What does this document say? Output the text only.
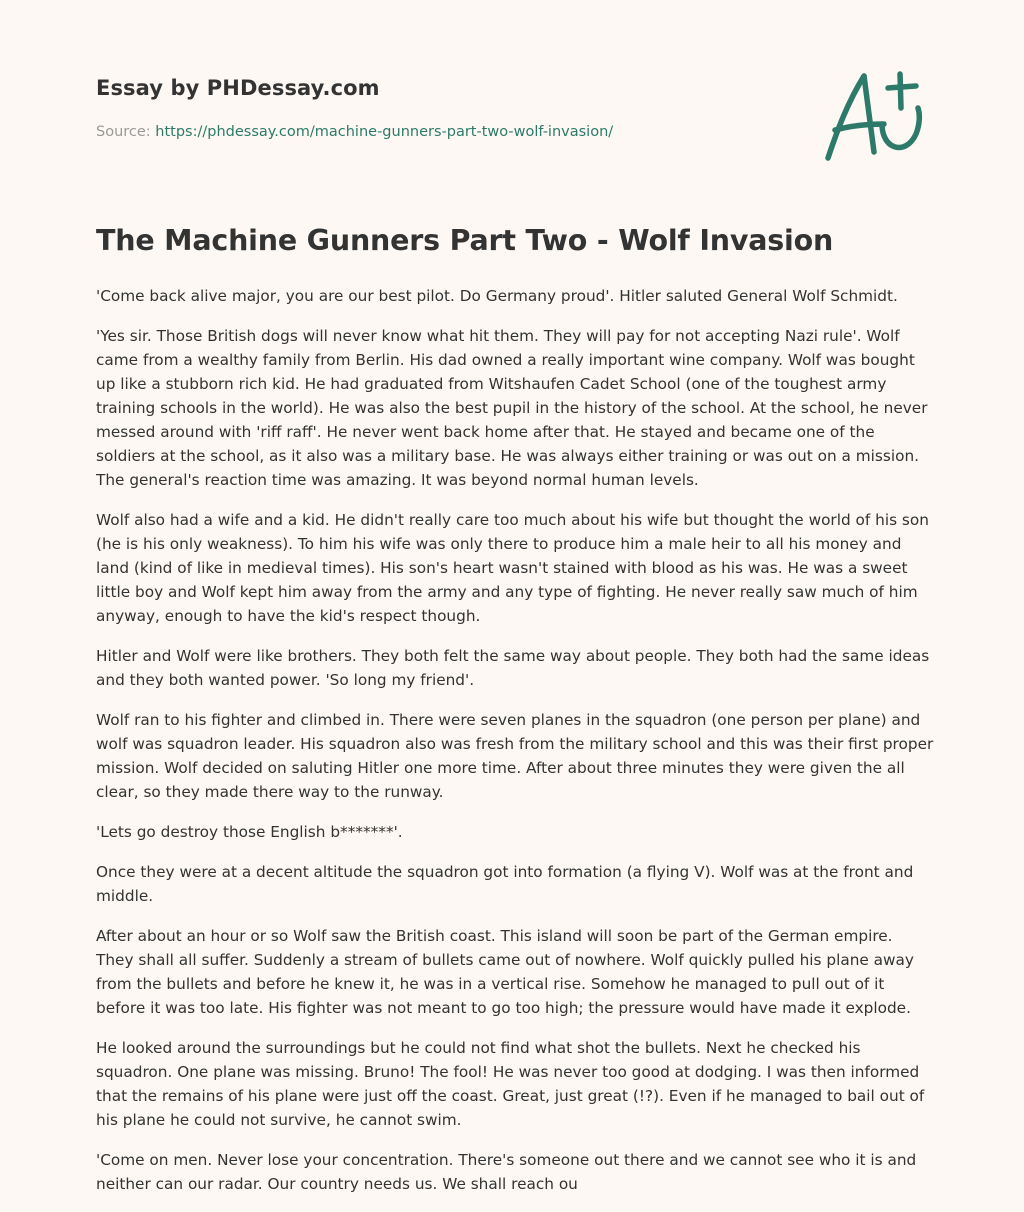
Essay by PHDessay.com
Source: https://phdessay.com/machine-gunners-part-two-wolf-invasion/
The Machine Gunners Part Two - Wolf Invasion

'Come back alive major, you are our best pilot. Do Germany proud'. Hitler saluted General Wolf Schmidt.

'Yes sir. Those British dogs will never know what hit them. They will pay for not accepting Nazi rule'. Wolf came from a wealthy family from Berlin. His dad owned a really important wine company. Wolf was bought up like a stubborn rich kid. He had graduated from Witshaufen Cadet School (one of the toughest army training schools in the world). He was also the best pupil in the history of the school. At the school, he never messed around with 'riff raff'. He never went back home after that. He stayed and became one of the soldiers at the school, as it also was a military base. He was always either training or was out on a mission. The general's reaction time was amazing. It was beyond normal human levels.

Wolf also had a wife and a kid. He didn't really care too much about his wife but thought the world of his son (he is his only weakness). To him his wife was only there to produce him a male heir to all his money and land (kind of like in medieval times). His son's heart wasn't stained with blood as his was. He was a sweet little boy and Wolf kept him away from the army and any type of fighting. He never really saw much of him anyway, enough to have the kid's respect though.

Hitler and Wolf were like brothers. They both felt the same way about people. They both had the same ideas and they both wanted power. 'So long my friend'.

Wolf ran to his fighter and climbed in. There were seven planes in the squadron (one person per plane) and wolf was squadron leader. His squadron also was fresh from the military school and this was their first proper mission. Wolf decided on saluting Hitler one more time. After about three minutes they were given the all clear, so they made there way to the runway.

'Lets go destroy those English b*******'.

Once they were at a decent altitude the squadron got into formation (a flying V). Wolf was at the front and middle.

After about an hour or so Wolf saw the British coast. This island will soon be part of the German empire. They shall all suffer. Suddenly a stream of bullets came out of nowhere. Wolf quickly pulled his plane away from the bullets and before he knew it, he was in a vertical rise. Somehow he managed to pull out of it before it was too late. His fighter was not meant to go too high; the pressure would have made it explode.

He looked around the surroundings but he could not find what shot the bullets. Next he checked his squadron. One plane was missing. Bruno! The fool! He was never too good at dodging. I was then informed that the remains of his plane were just off the coast. Great, just great (!?). Even if he managed to bail out of his plane he could not survive, he cannot swim.

'Come on men. Never lose your concentration. There's someone out there and we cannot see who it is and neither can our radar. Our country needs us. We shall reach ou
